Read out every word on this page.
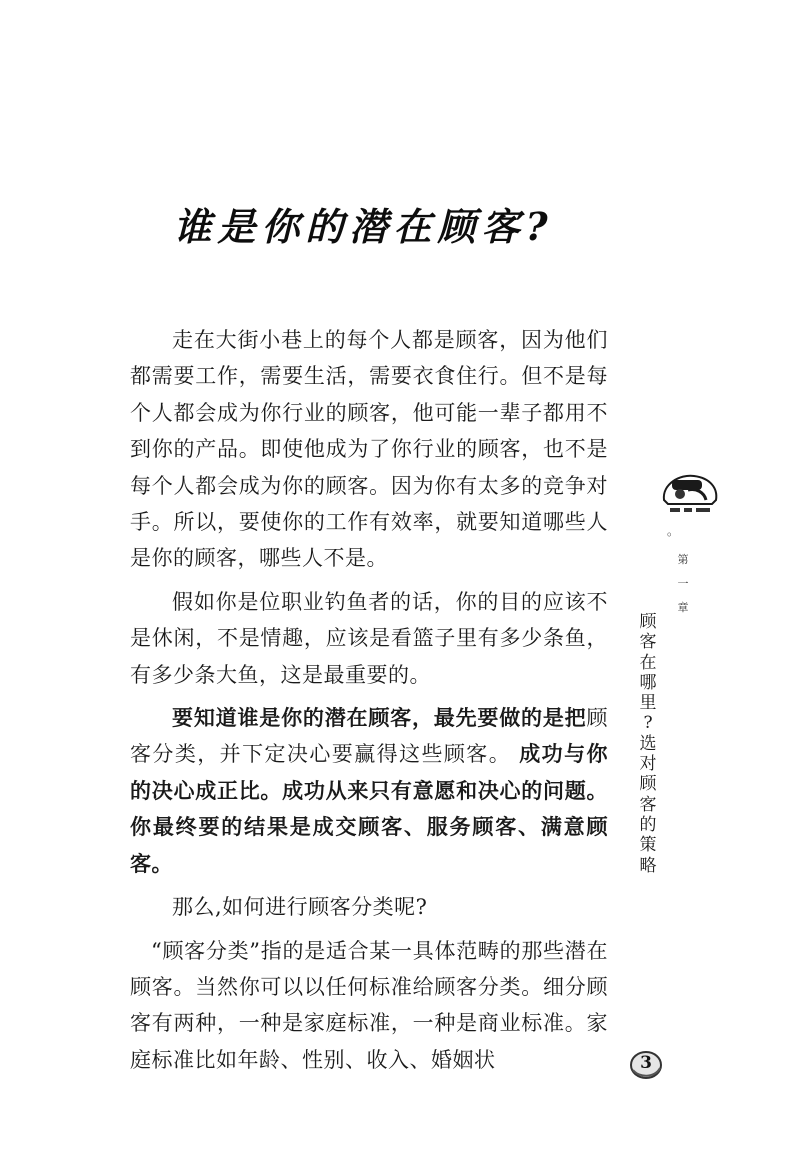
谁是你的潜在顾客?

走在大街小巷上的每个人都是顾客，因为他们都需要工作，需要生活，需要衣食住行。但不是每个人都会成为你行业的顾客，他可能一辈子都用不到你的产品。即使他成为了你行业的顾客，也不是每个人都会成为你的顾客。因为你有太多的竞争对手。所以，要使你的工作有效率，就要知道哪些人是你的顾客，哪些人不是。

假如你是位职业钓鱼者的话，你的目的应该不是休闲，不是情趣，应该是看篮子里有多少条鱼，有多少条大鱼，这是最重要的。

要知道谁是你的潜在顾客，最先要做的是把顾客分类，并下定决心要赢得这些顾客。 成功与你的决心成正比。成功从来只有意愿和决心的问题。你最终要的结果是成交顾客、服务顾客、满意顾客。

那么,如何进行顾客分类呢?

“顾客分类”指的是适合某一具体范畴的那些潜在顾客。当然你可以以任何标准给顾客分类。细分顾客有两种，一种是家庭标准，一种是商业标准。家庭标准比如年龄、性别、收入、婚姻状

。
第
一
章
顾
客
在
哪
里
?
选
对
顾
客
的
策
略
3
